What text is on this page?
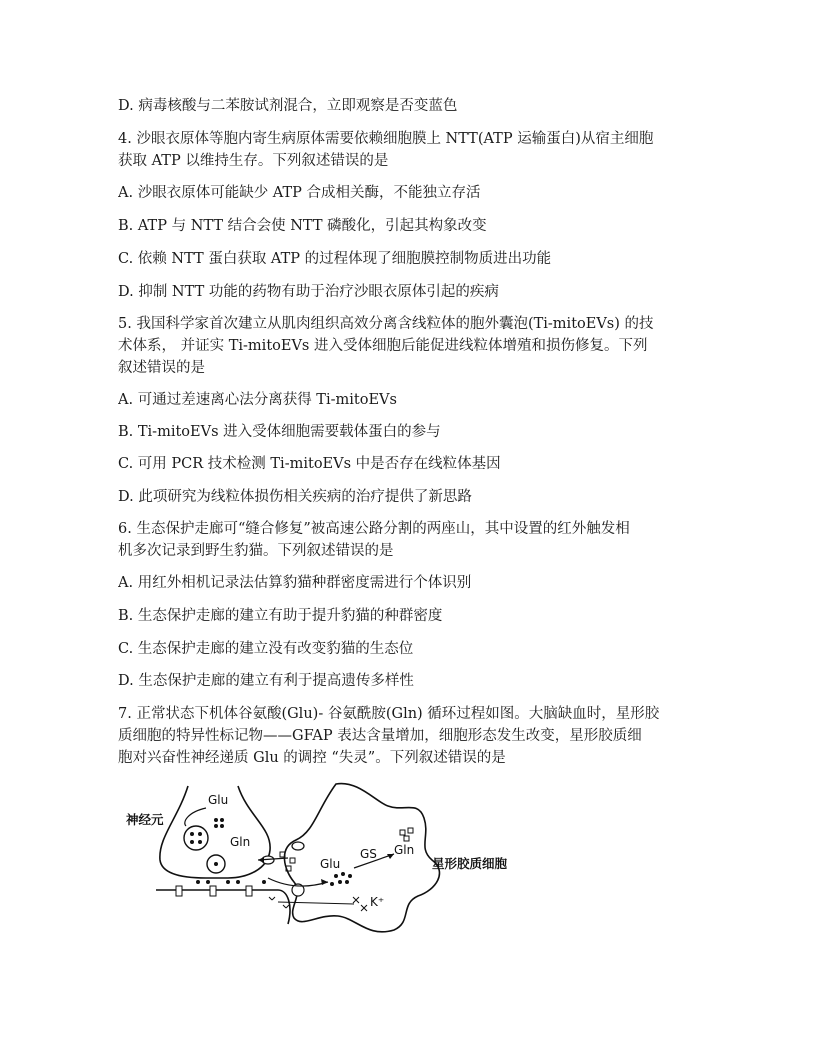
D. 病毒核酸与二苯胺试剂混合，立即观察是否变蓝色
4. 沙眼衣原体等胞内寄生病原体需要依赖细胞膜上 NTT(ATP 运输蛋白)从宿主细胞
获取 ATP 以维持生存。下列叙述错误的是
A. 沙眼衣原体可能缺少 ATP 合成相关酶，不能独立存活
B. ATP 与 NTT 结合会使 NTT 磷酸化，引起其构象改变
C. 依赖 NTT 蛋白获取 ATP 的过程体现了细胞膜控制物质进出功能
D. 抑制 NTT 功能的药物有助于治疗沙眼衣原体引起的疾病
5. 我国科学家首次建立从肌肉组织高效分离含线粒体的胞外囊泡(Ti-mitoEVs) 的技
术体系， 并证实 Ti-mitoEVs 进入受体细胞后能促进线粒体增殖和损伤修复。下列
叙述错误的是
A. 可通过差速离心法分离获得 Ti-mitoEVs
B. Ti-mitoEVs 进入受体细胞需要载体蛋白的参与
C. 可用 PCR 技术检测 Ti-mitoEVs 中是否存在线粒体基因
D. 此项研究为线粒体损伤相关疾病的治疗提供了新思路
6. 生态保护走廊可“缝合修复”被高速公路分割的两座山，其中设置的红外触发相
机多次记录到野生豹猫。下列叙述错误的是
A. 用红外相机记录法估算豹猫种群密度需进行个体识别
B. 生态保护走廊的建立有助于提升豹猫的种群密度
C. 生态保护走廊的建立没有改变豹猫的生态位
D. 生态保护走廊的建立有利于提高遗传多样性
7. 正常状态下机体谷氨酸(Glu)- 谷氨酰胺(Gln) 循环过程如图。大脑缺血时，星形胶
质细胞的特异性标记物——GFAP 表达含量增加，细胞形态发生改变，星形胶质细
胞对兴奋性神经递质 Glu 的调控 “失灵”。下列叙述错误的是
神经元
Glu
Gln
Glu
GS Gln
K⁺
星形胶质细胞
